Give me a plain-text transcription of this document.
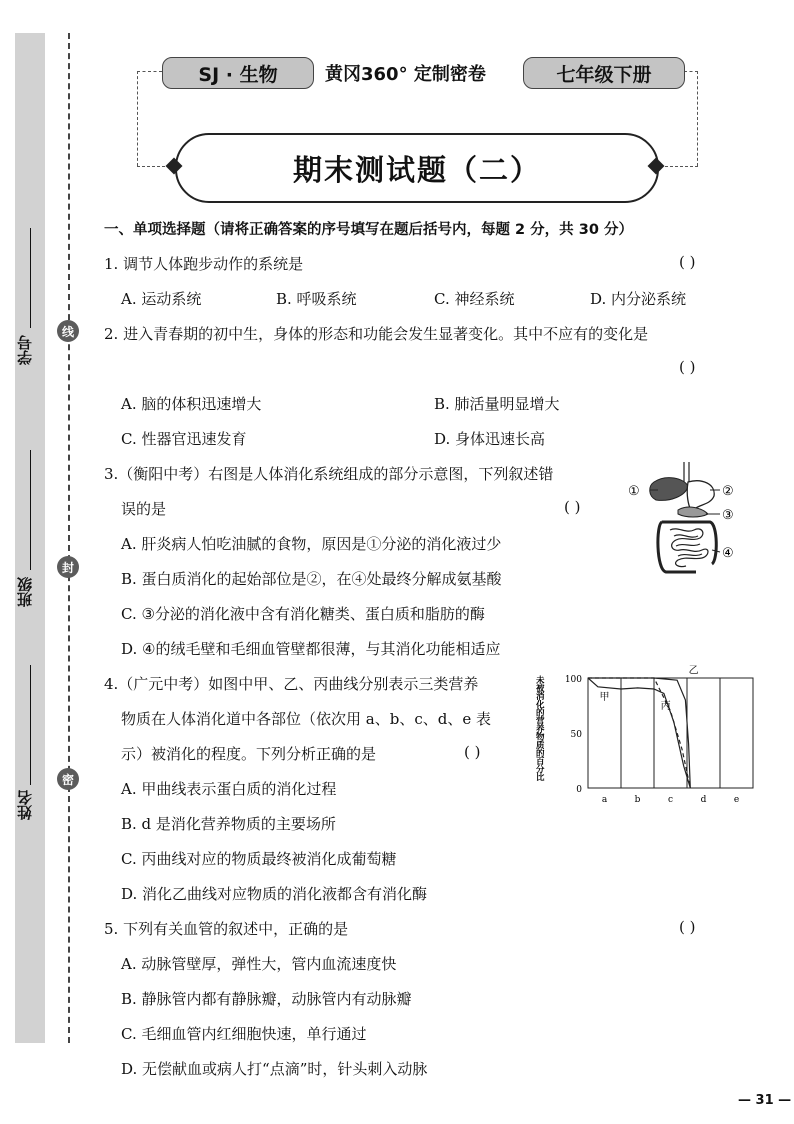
学号
班级
姓名
线
封
密
SJ · 生物	黄冈360° 定制密卷	七年级下册
期末测试题（二）
一、单项选择题（请将正确答案的序号填写在题后括号内，每题 2 分，共 30 分）
1. 调节人体跑步动作的系统是	( )
A. 运动系统	B. 呼吸系统	C. 神经系统	D. 内分泌系统
2. 进入青春期的初中生，身体的形态和功能会发生显著变化。其中不应有的变化是
( )
A. 脑的体积迅速增大	B. 肺活量明显增大
C. 性器官迅速发育	D. 身体迅速长高
3.（衡阳中考）右图是人体消化系统组成的部分示意图，下列叙述错
误的是	( )
A. 肝炎病人怕吃油腻的食物，原因是①分泌的消化液过少
B. 蛋白质消化的起始部位是②，在④处最终分解成氨基酸
C. ③分泌的消化液中含有消化糖类、蛋白质和脂肪的酶
D. ④的绒毛壁和毛细血管壁都很薄，与其消化功能相适应
4.（广元中考）如图中甲、乙、丙曲线分别表示三类营养
物质在人体消化道中各部位（依次用 a、b、c、d、e 表
示）被消化的程度。下列分析正确的是	( )
A. 甲曲线表示蛋白质的消化过程
B. d 是消化营养物质的主要场所
C. 丙曲线对应的物质最终被消化成葡萄糖
D. 消化乙曲线对应物质的消化液都含有消化酶
5. 下列有关血管的叙述中，正确的是	( )
A. 动脉管壁厚，弹性大，管内血流速度快
B. 静脉管内都有静脉瓣，动脉管内有动脉瓣
C. 毛细血管内红细胞快速，单行通过
D. 无偿献血或病人打“点滴”时，针头刺入动脉
①	②
③
④
a	b	c	d	e
0
50
100
未
被
消
化
的
营
养
物
质
的
百
分
比
甲
乙
丙
— 31 —
